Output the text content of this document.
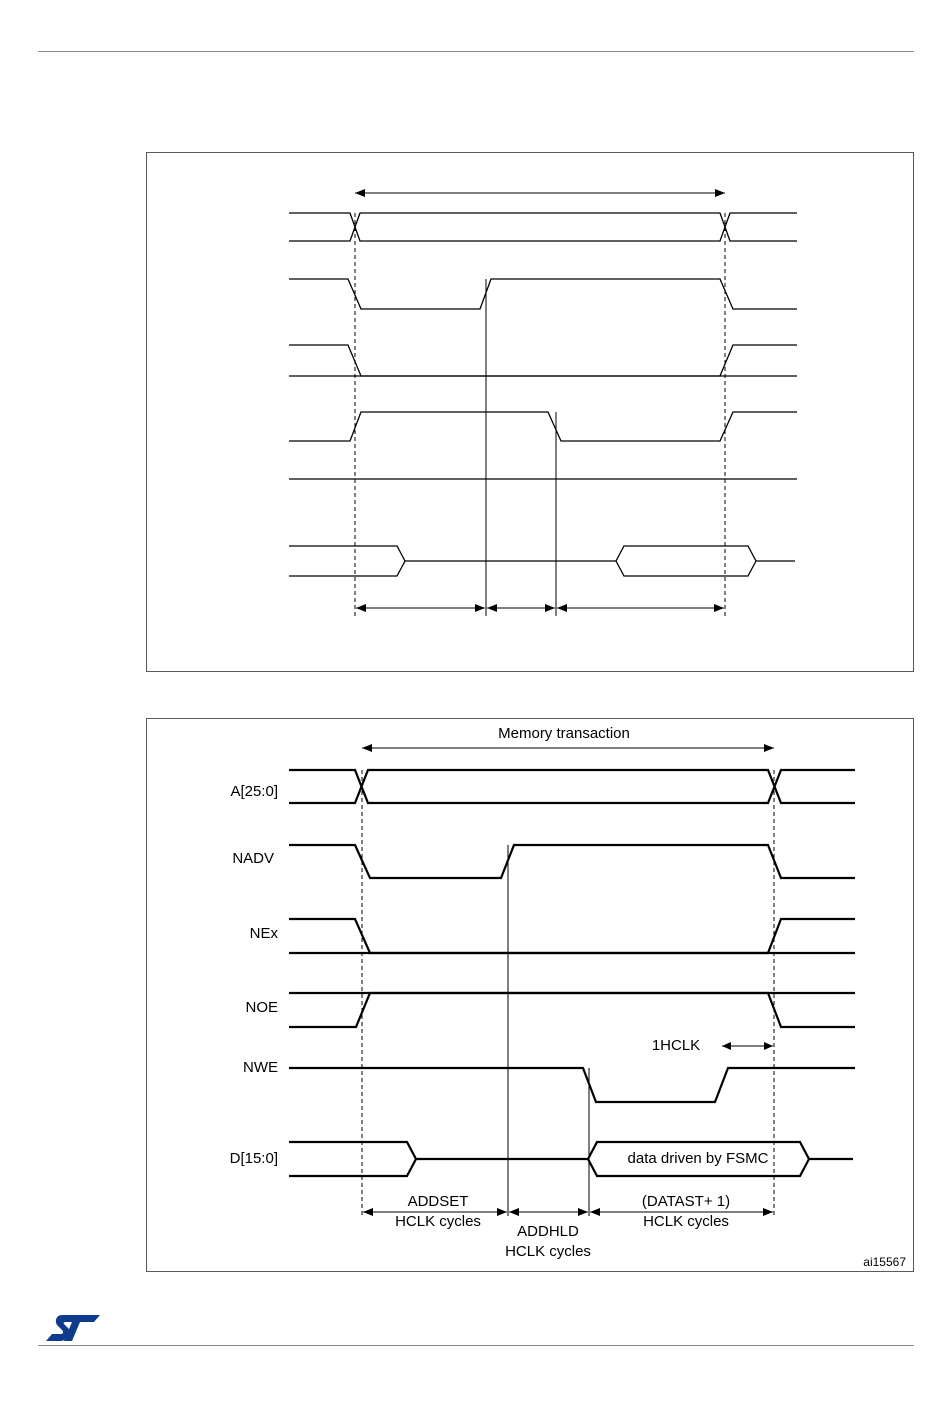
Memory transaction
A[25:0]
NADV
NEx
NOE
NWE
D[15:0]
1HCLK
data driven by FSMC
ADDSET
HCLK cycles
ADDHLD
HCLK cycles
(DATAST+ 1)
HCLK cycles
ai15567
